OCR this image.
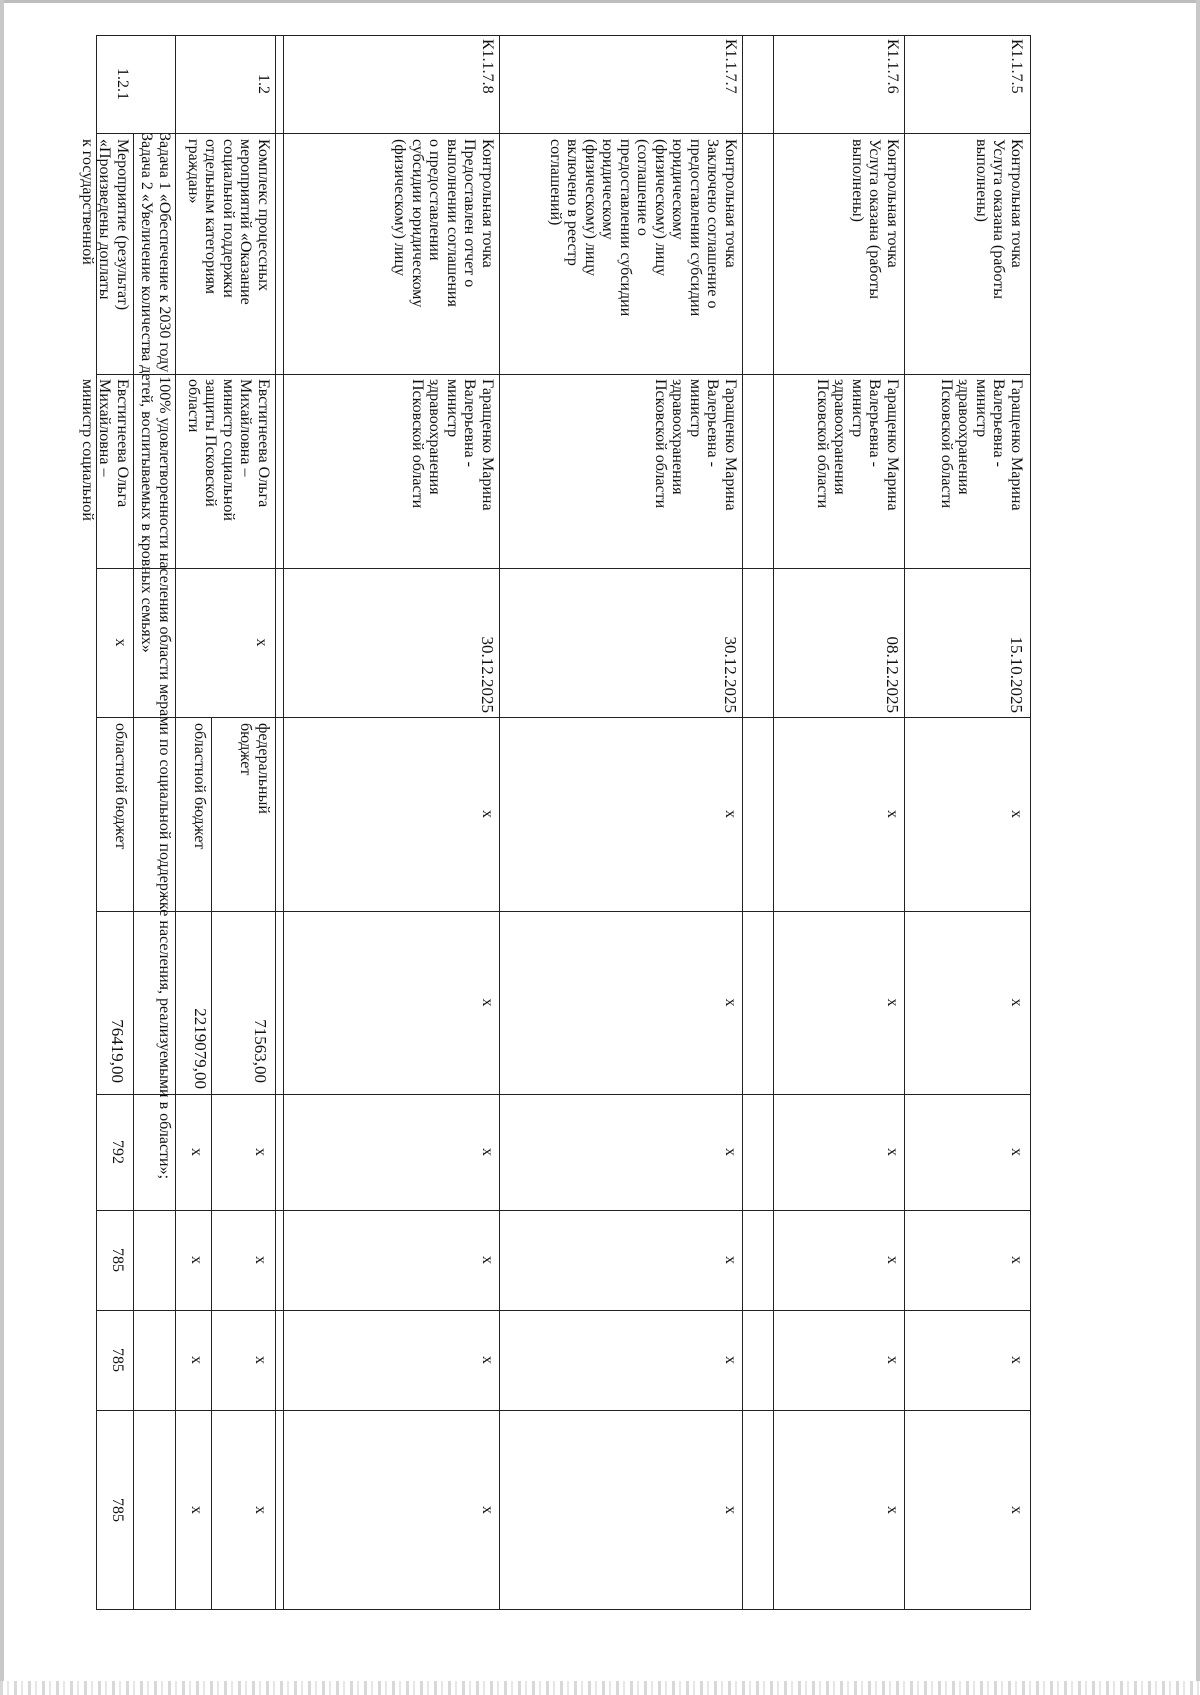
К1.1.7.5
Контрольная точка
Услуга оказана (работы
выполнены)
Гаращенко Марина
Валерьевна -
министр
здравоохранения
Псковской области
15.10.2025
x
x
x
x
x
x
К1.1.7.6
Контрольная точка
Услуга оказана (работы
выполнены)
Гаращенко Марина
Валерьевна -
министр
здравоохранения
Псковской области
08.12.2025
x
x
x
x
x
x
К1.1.7.7
Контрольная точка
Заключено соглашение о
предоставлении субсидии
юридическому
(физическому) лицу
(соглашение о
предоставлении субсидии
юридическому
(физическому) лицу
включено в реестр
соглашений)
Гаращенко Марина
Валерьевна -
министр
здравоохранения
Псковской области
30.12.2025
x
x
x
x
x
x
К1.1.7.8
Контрольная точка
Предоставлен отчет о
выполнении соглашения
о предоставлении
субсидии юридическому
(физическому) лицу
Гаращенко Марина
Валерьевна -
министр
здравоохранения
Псковской области
30.12.2025
x
x
x
x
x
x
1.2
Комплекс процессных
мероприятий «Оказание
социальной поддержки
отдельным категориям
граждан»
Евстигнеева Ольга
Михайловна –
министр социальной
защиты Псковской
области
x
федеральный
бюджет
71563,00
x
x
x
x
областной бюджет
2219079,00
x
x
x
x
Задача 1 «Обеспечение к 2030 году 100% удовлетворенности населения области мерами по социальной поддержке населения, реализуемыми в области»;
Задача 2 «Увеличение количества детей, воспитываемых в кровных семьях»
1.2.1
Мероприятие (результат)
«Произведены доплаты
к государственной
Евстигнеева Ольга
Михайловна –
министр социальной
x
областной бюджет
76419,00
792
785
785
785
